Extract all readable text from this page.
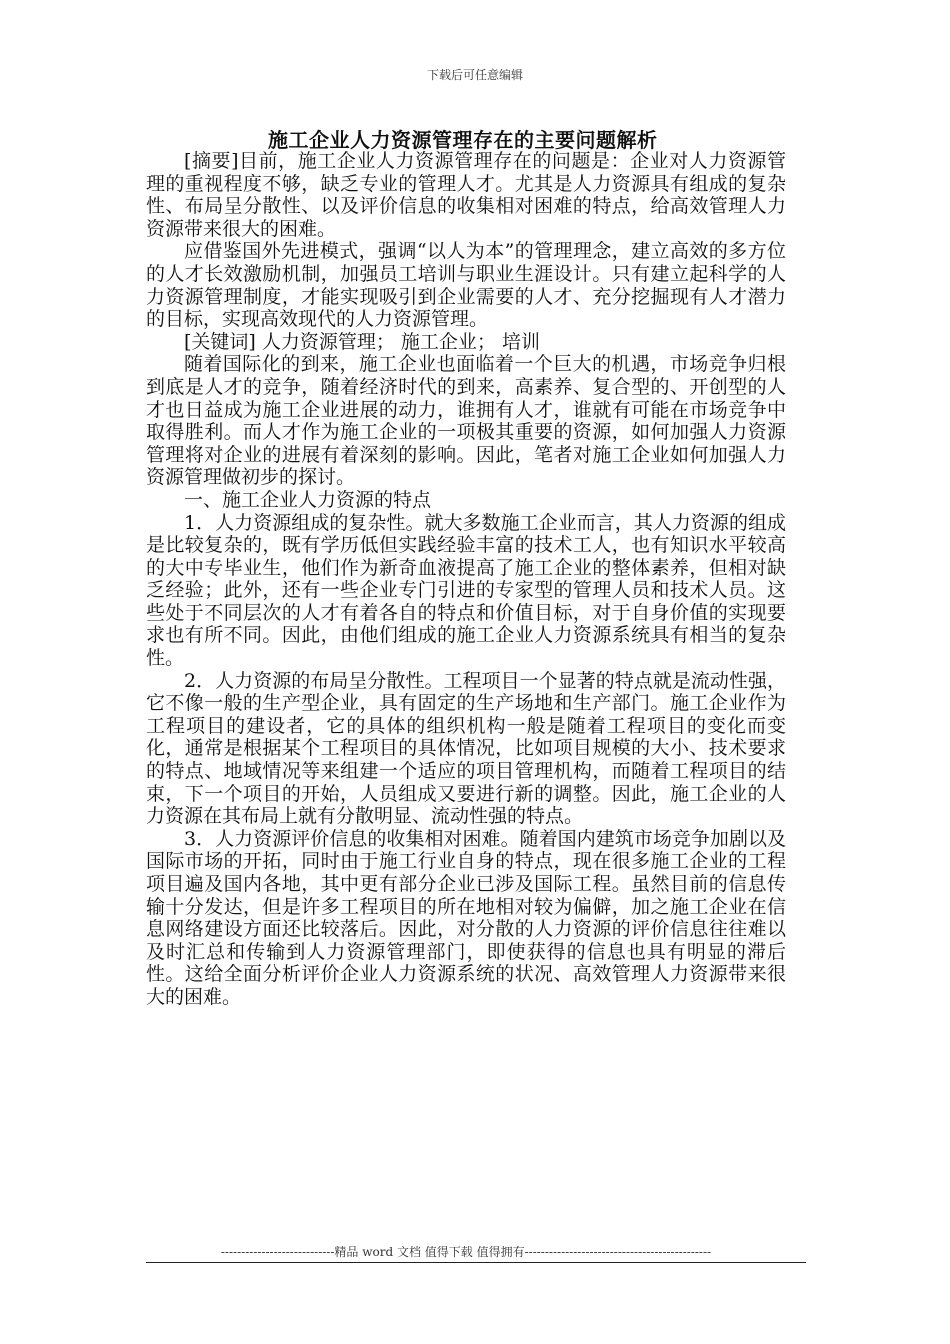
下载后可任意编辑
施工企业人力资源管理存在的主要问题解析

[摘要]目前，施工企业人力资源管理存在的问题是：企业对人力资源管理的重视程度不够，缺乏专业的管理人才。尤其是人力资源具有组成的复杂性、布局呈分散性、以及评价信息的收集相对困难的特点，给高效管理人力资源带来很大的困难。

应借鉴国外先进模式，强调“以人为本”的管理理念，建立高效的多方位的人才长效激励机制，加强员工培训与职业生涯设计。只有建立起科学的人力资源管理制度，才能实现吸引到企业需要的人才、充分挖掘现有人才潜力的目标，实现高效现代的人力资源管理。

[关键词] 人力资源管理； 施工企业； 培训

随着国际化的到来，施工企业也面临着一个巨大的机遇，市场竞争归根到底是人才的竞争，随着经济时代的到来，高素养、复合型的、开创型的人才也日益成为施工企业进展的动力，谁拥有人才，谁就有可能在市场竞争中取得胜利。而人才作为施工企业的一项极其重要的资源，如何加强人力资源管理将对企业的进展有着深刻的影响。因此，笔者对施工企业如何加强人力资源管理做初步的探讨。

一、施工企业人力资源的特点

1．人力资源组成的复杂性。就大多数施工企业而言，其人力资源的组成是比较复杂的，既有学历低但实践经验丰富的技术工人，也有知识水平较高的大中专毕业生，他们作为新奇血液提高了施工企业的整体素养，但相对缺乏经验；此外，还有一些企业专门引进的专家型的管理人员和技术人员。这些处于不同层次的人才有着各自的特点和价值目标，对于自身价值的实现要求也有所不同。因此，由他们组成的施工企业人力资源系统具有相当的复杂性。

2．人力资源的布局呈分散性。工程项目一个显著的特点就是流动性强，它不像一般的生产型企业，具有固定的生产场地和生产部门。施工企业作为工程项目的建设者，它的具体的组织机构一般是随着工程项目的变化而变化，通常是根据某个工程项目的具体情况，比如项目规模的大小、技术要求的特点、地域情况等来组建一个适应的项目管理机构，而随着工程项目的结束，下一个项目的开始，人员组成又要进行新的调整。因此，施工企业的人力资源在其布局上就有分散明显、流动性强的特点。

3．人力资源评价信息的收集相对困难。随着国内建筑市场竞争加剧以及国际市场的开拓，同时由于施工行业自身的特点，现在很多施工企业的工程项目遍及国内各地，其中更有部分企业已涉及国际工程。虽然目前的信息传输十分发达，但是许多工程项目的所在地相对较为偏僻，加之施工企业在信息网络建设方面还比较落后。因此，对分散的人力资源的评价信息往往难以及时汇总和传输到人力资源管理部门，即使获得的信息也具有明显的滞后性。这给全面分析评价企业人力资源系统的状况、高效管理人力资源带来很大的困难。

----------------------------精品 word 文档 值得下载 值得拥有----------------------------------------------
